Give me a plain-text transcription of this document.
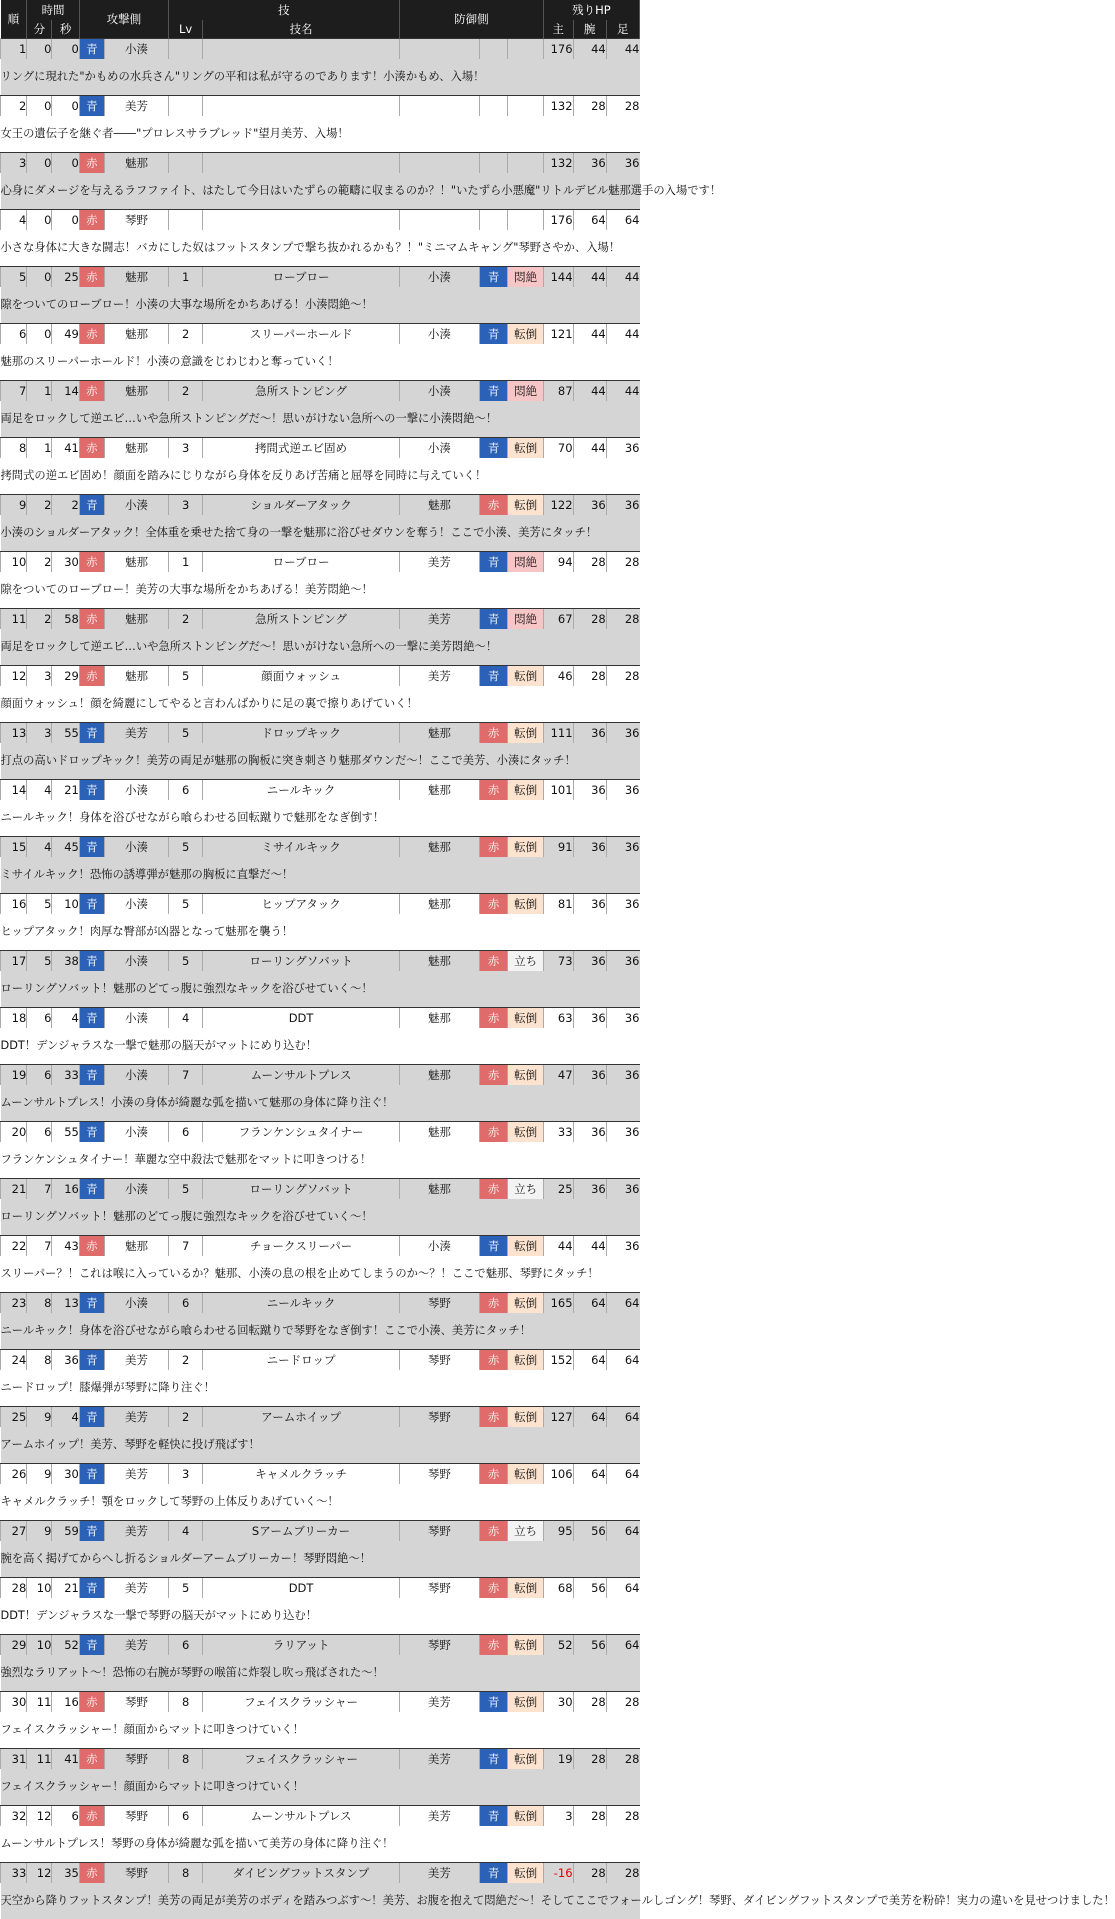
順	時間		攻撃側		技		防御側			残りHP		
	分	秒			Lv	技名				主	腕	足
1	0	0	青	小湊						176	44	44
リングに現れた"かもめの水兵さん"リングの平和は私が守るのであります！小湊かもめ、入場！												
2	0	0	青	美芳						132	28	28
女王の遺伝子を継ぐ者――"プロレスサラブレッド"望月美芳、入場！												
3	0	0	赤	魅那						132	36	36
心身にダメージを与えるラフファイト、はたして今日はいたずらの範疇に収まるのか？！"いたずら小悪魔"リトルデビル魅那選手の入場です！												
4	0	0	赤	琴野						176	64	64
小さな身体に大きな闘志！バカにした奴はフットスタンプで撃ち抜かれるかも？！"ミニマムキャング"琴野さやか、入場！												
5	0	25	赤	魅那	1	ローブロー	小湊	青	悶絶	144	44	44
隙をついてのローブロー！小湊の大事な場所をかちあげる！小湊悶絶～！												
6	0	49	赤	魅那	2	スリーパーホールド	小湊	青	転倒	121	44	44
魅那のスリーパーホールド！小湊の意識をじわじわと奪っていく！												
7	1	14	赤	魅那	2	急所ストンピング	小湊	青	悶絶	87	44	44
両足をロックして逆エビ…いや急所ストンピングだ～！思いがけない急所への一撃に小湊悶絶～！												
8	1	41	赤	魅那	3	拷問式逆エビ固め	小湊	青	転倒	70	44	36
拷問式の逆エビ固め！顔面を踏みにじりながら身体を反りあげ苦痛と屈辱を同時に与えていく！												
9	2	2	青	小湊	3	ショルダーアタック	魅那	赤	転倒	122	36	36
小湊のショルダーアタック！全体重を乗せた捨て身の一撃を魅那に浴びせダウンを奪う！ここで小湊、美芳にタッチ！												
10	2	30	赤	魅那	1	ローブロー	美芳	青	悶絶	94	28	28
隙をついてのローブロー！美芳の大事な場所をかちあげる！美芳悶絶～！												
11	2	58	赤	魅那	2	急所ストンピング	美芳	青	悶絶	67	28	28
両足をロックして逆エビ…いや急所ストンピングだ～！思いがけない急所への一撃に美芳悶絶～！												
12	3	29	赤	魅那	5	顔面ウォッシュ	美芳	青	転倒	46	28	28
顔面ウォッシュ！顔を綺麗にしてやると言わんばかりに足の裏で擦りあげていく！												
13	3	55	青	美芳	5	ドロップキック	魅那	赤	転倒	111	36	36
打点の高いドロップキック！美芳の両足が魅那の胸板に突き刺さり魅那ダウンだ～！ここで美芳、小湊にタッチ！												
14	4	21	青	小湊	6	ニールキック	魅那	赤	転倒	101	36	36
ニールキック！身体を浴びせながら喰らわせる回転蹴りで魅那をなぎ倒す！												
15	4	45	青	小湊	5	ミサイルキック	魅那	赤	転倒	91	36	36
ミサイルキック！恐怖の誘導弾が魅那の胸板に直撃だ～！												
16	5	10	青	小湊	5	ヒップアタック	魅那	赤	転倒	81	36	36
ヒップアタック！肉厚な臀部が凶器となって魅那を襲う！												
17	5	38	青	小湊	5	ローリングソバット	魅那	赤	立ち	73	36	36
ローリングソバット！魅那のどてっ腹に強烈なキックを浴びせていく～！												
18	6	4	青	小湊	4	DDT	魅那	赤	転倒	63	36	36
DDT！デンジャラスな一撃で魅那の脳天がマットにめり込む！												
19	6	33	青	小湊	7	ムーンサルトプレス	魅那	赤	転倒	47	36	36
ムーンサルトプレス！小湊の身体が綺麗な弧を描いて魅那の身体に降り注ぐ！												
20	6	55	青	小湊	6	フランケンシュタイナー	魅那	赤	転倒	33	36	36
フランケンシュタイナー！華麗な空中殺法で魅那をマットに叩きつける！												
21	7	16	青	小湊	5	ローリングソバット	魅那	赤	立ち	25	36	36
ローリングソバット！魅那のどてっ腹に強烈なキックを浴びせていく～！												
22	7	43	赤	魅那	7	チョークスリーパー	小湊	青	転倒	44	44	36
スリーパー？！これは喉に入っているか？魅那、小湊の息の根を止めてしまうのか～？！ここで魅那、琴野にタッチ！												
23	8	13	青	小湊	6	ニールキック	琴野	赤	転倒	165	64	64
ニールキック！身体を浴びせながら喰らわせる回転蹴りで琴野をなぎ倒す！ここで小湊、美芳にタッチ！												
24	8	36	青	美芳	2	ニードロップ	琴野	赤	転倒	152	64	64
ニードロップ！膝爆弾が琴野に降り注ぐ！												
25	9	4	青	美芳	2	アームホイップ	琴野	赤	転倒	127	64	64
アームホイップ！美芳、琴野を軽快に投げ飛ばす！												
26	9	30	青	美芳	3	キャメルクラッチ	琴野	赤	転倒	106	64	64
キャメルクラッチ！顎をロックして琴野の上体反りあげていく～！												
27	9	59	青	美芳	4	Sアームブリーカー	琴野	赤	立ち	95	56	64
腕を高く掲げてからへし折るショルダーアームブリーカー！琴野悶絶～！												
28	10	21	青	美芳	5	DDT	琴野	赤	転倒	68	56	64
DDT！デンジャラスな一撃で琴野の脳天がマットにめり込む！												
29	10	52	青	美芳	6	ラリアット	琴野	赤	転倒	52	56	64
強烈なラリアット～！恐怖の右腕が琴野の喉笛に炸裂し吹っ飛ばされた～！												
30	11	16	赤	琴野	8	フェイスクラッシャー	美芳	青	転倒	30	28	28
フェイスクラッシャー！顔面からマットに叩きつけていく！												
31	11	41	赤	琴野	8	フェイスクラッシャー	美芳	青	転倒	19	28	28
フェイスクラッシャー！顔面からマットに叩きつけていく！												
32	12	6	赤	琴野	6	ムーンサルトプレス	美芳	青	転倒	3	28	28
ムーンサルトプレス！琴野の身体が綺麗な弧を描いて美芳の身体に降り注ぐ！												
33	12	35	赤	琴野	8	ダイビングフットスタンプ	美芳	青	転倒	-16	28	28
天空から降りフットスタンプ！美芳の両足が美芳のボディを踏みつぶす～！美芳、お腹を抱えて悶絶だ～！そしてここでフォールしゴング！琴野、ダイビングフットスタンプで美芳を粉砕！実力の違いを見せつけました！												
